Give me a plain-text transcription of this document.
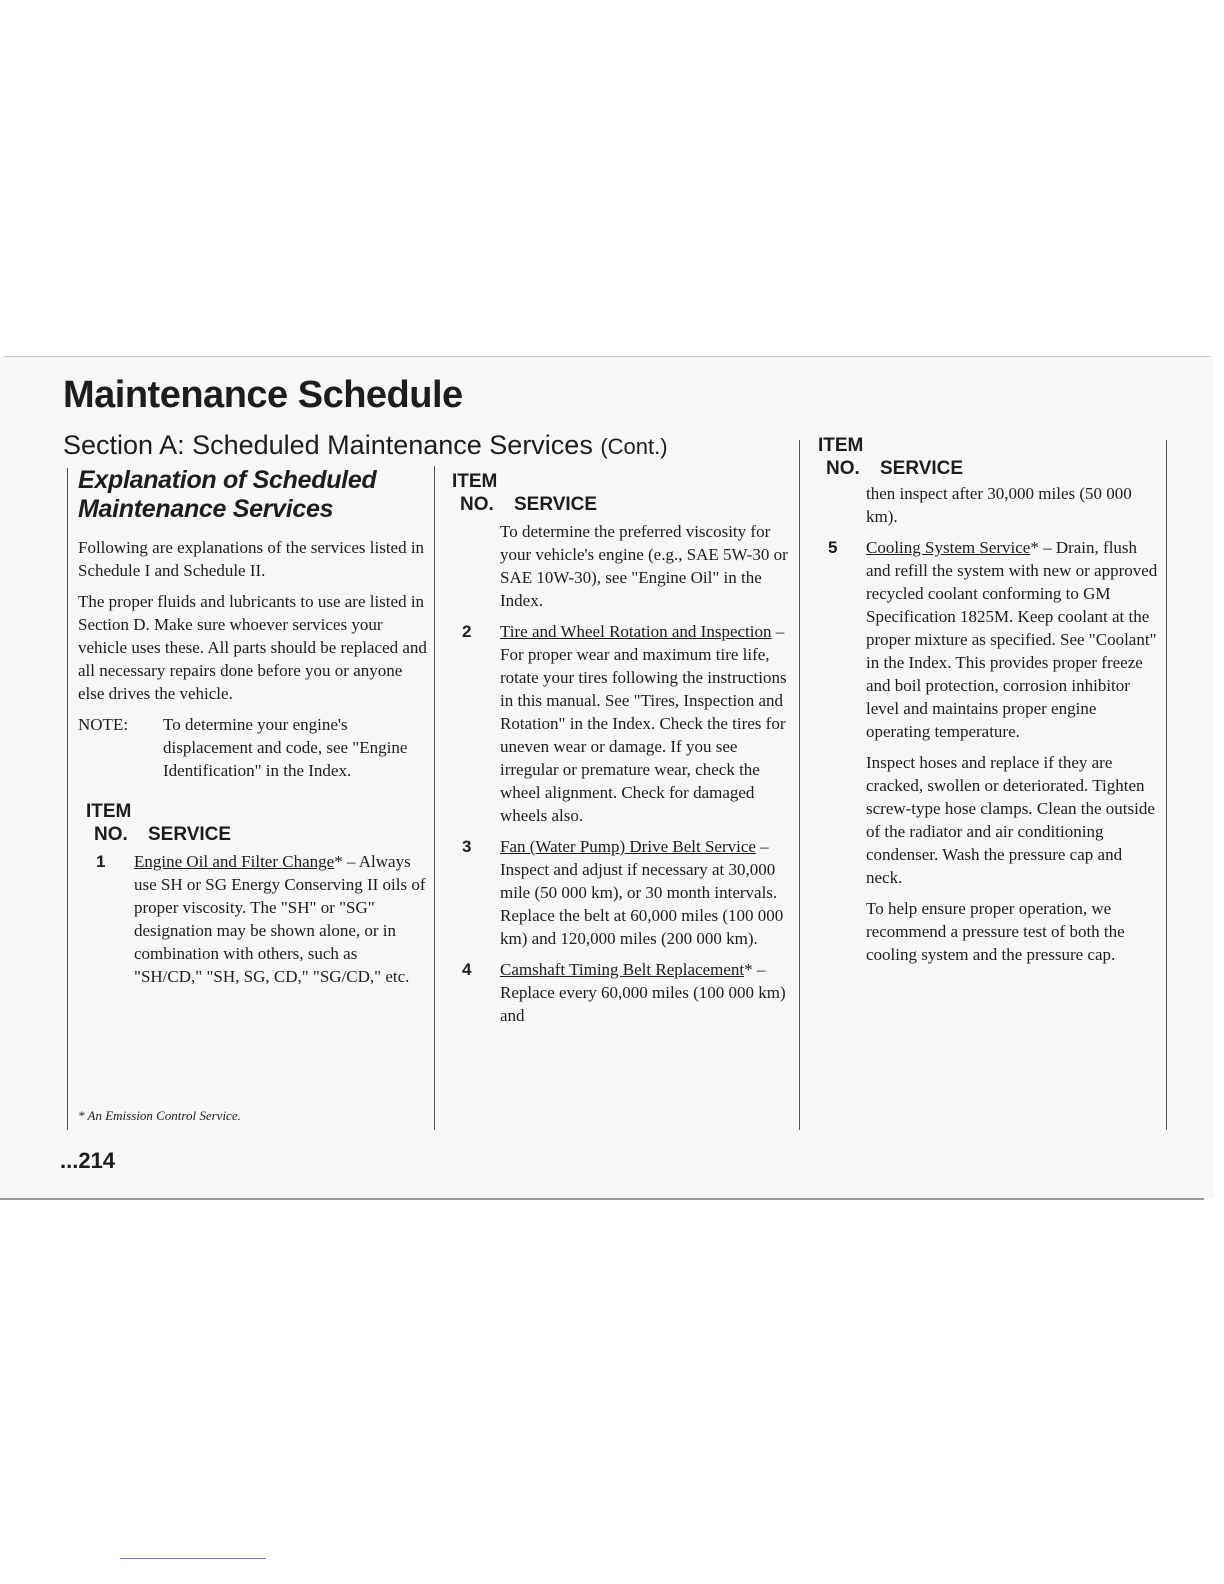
Maintenance Schedule
Section A: Scheduled Maintenance Services (Cont.)
Explanation of Scheduled
Maintenance Services

Following are explanations of the services listed in Schedule I and Schedule II.

The proper fluids and lubricants to use are listed in Section D. Make sure whoever services your vehicle uses these. All parts should be replaced and all necessary repairs done before you or anyone else drives the vehicle.

NOTE:	To determine your engine's displacement and code, see "Engine Identification" in the Index.
ITEM
NO.	SERVICE
1	Engine Oil and Filter Change* – Always use SH or SG Energy Conserving II oils of proper viscosity. The "SH" or "SG" designation may be shown alone, or in combination with others, such as "SH/CD," "SH, SG, CD," "SG/CD," etc.
* An Emission Control Service.
...214
ITEM
NO.	SERVICE

To determine the preferred viscosity for your vehicle's engine (e.g., SAE 5W-30 or SAE 10W-30), see "Engine Oil" in the Index.

2	Tire and Wheel Rotation and Inspection – For proper wear and maximum tire life, rotate your tires following the instructions in this manual. See "Tires, Inspection and Rotation" in the Index. Check the tires for uneven wear or damage. If you see irregular or premature wear, check the wheel alignment. Check for damaged wheels also.
3	Fan (Water Pump) Drive Belt Service – Inspect and adjust if necessary at 30,000 mile (50 000 km), or 30 month intervals. Replace the belt at 60,000 miles (100 000 km) and 120,000 miles (200 000 km).
4	Camshaft Timing Belt Replacement* – Replace every 60,000 miles (100 000 km) and
ITEM
NO.	SERVICE

then inspect after 30,000 miles (50 000 km).

5	Cooling System Service* – Drain, flush and refill the system with new or approved recycled coolant conforming to GM Specification 1825M. Keep coolant at the proper mixture as specified. See "Coolant" in the Index. This provides proper freeze and boil protection, corrosion inhibitor level and maintains proper engine operating temperature.

Inspect hoses and replace if they are cracked, swollen or deteriorated. Tighten screw-type hose clamps. Clean the outside of the radiator and air conditioning condenser. Wash the pressure cap and neck.

To help ensure proper operation, we recommend a pressure test of both the cooling system and the pressure cap.
